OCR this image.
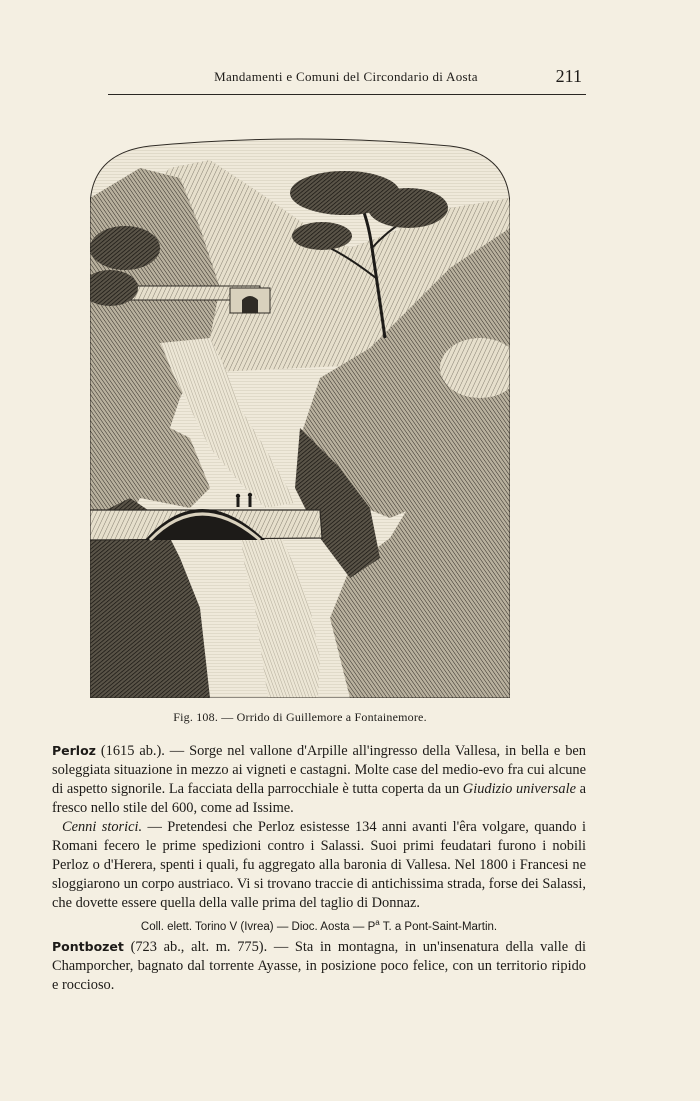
Mandamenti e Comuni del Circondario di Aosta	211
Fig. 108. — Orrido di Guillemore a Fontainemore.

Perloz (1615 ab.). — Sorge nel vallone d'Arpille all'ingresso della Vallesa, in bella e ben soleggiata situazione in mezzo ai vigneti e castagni. Molte case del medio-evo fra cui alcune di aspetto signorile. La facciata della parrocchiale è tutta coperta da un Giudizio universale a fresco nello stile del 600, come ad Issime.

Cenni storici. — Pretendesi che Perloz esistesse 134 anni avanti l'êra volgare, quando i Romani fecero le prime spedizioni contro i Salassi. Suoi primi feudatari furono i nobili Perloz o d'Herera, spenti i quali, fu aggregato alla baronia di Vallesa. Nel 1800 i Francesi ne sloggiarono un corpo austriaco. Vi si trovano traccie di antichissima strada, forse dei Salassi, che dovette essere quella della valle prima del taglio di Donnaz.

Coll. elett. Torino V (Ivrea) — Dioc. Aosta — $P^a$ T. a Pont-Saint-Martin.

Pontbozet (723 ab., alt. m. 775). — Sta in montagna, in un'insenatura della valle di Champorcher, bagnato dal torrente Ayasse, in posizione poco felice, con un territorio ripido e roccioso.
